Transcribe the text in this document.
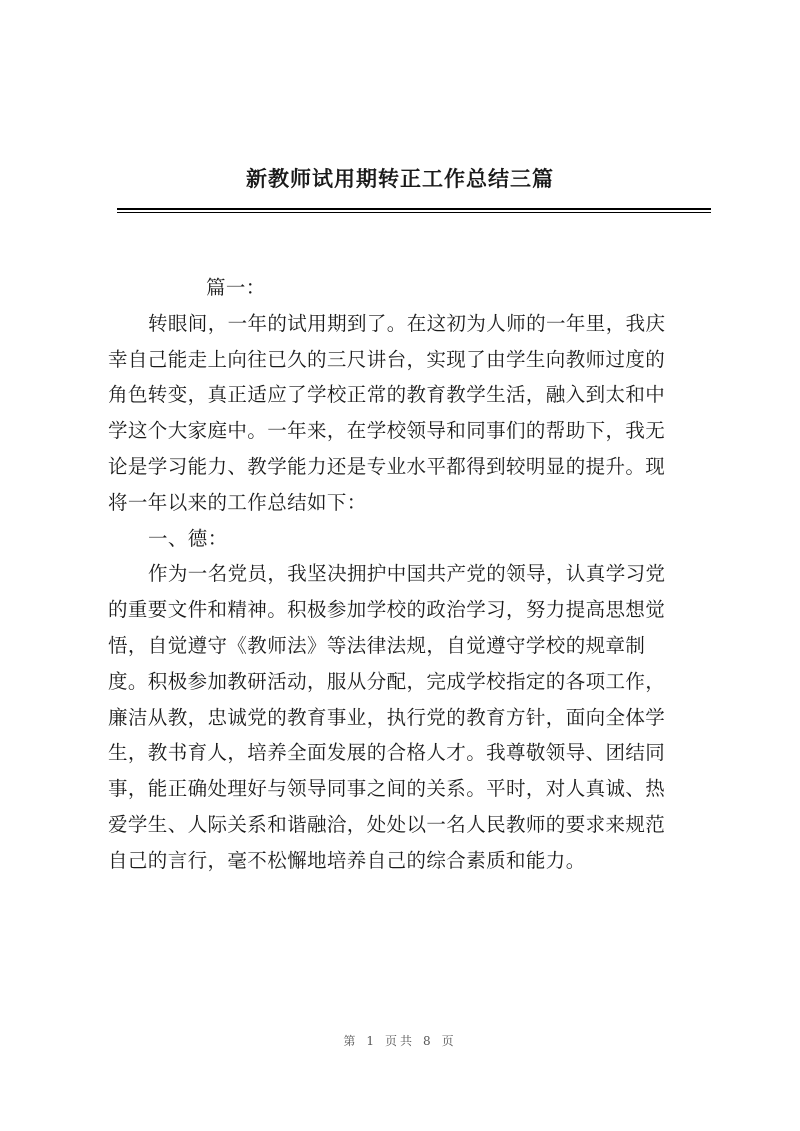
新教师试用期转正工作总结三篇
篇一：
转眼间，一年的试用期到了。在这初为人师的一年里，我庆
幸自己能走上向往已久的三尺讲台，实现了由学生向教师过度的
角色转变，真正适应了学校正常的教育教学生活，融入到太和中
学这个大家庭中。一年来，在学校领导和同事们的帮助下，我无
论是学习能力、教学能力还是专业水平都得到较明显的提升。现
将一年以来的工作总结如下：
一、德：
作为一名党员，我坚决拥护中国共产党的领导，认真学习党
的重要文件和精神。积极参加学校的政治学习，努力提高思想觉
悟，自觉遵守《教师法》等法律法规，自觉遵守学校的规章制
度。积极参加教研活动，服从分配，完成学校指定的各项工作，
廉洁从教，忠诚党的教育事业，执行党的教育方针，面向全体学
生，教书育人，培养全面发展的合格人才。我尊敬领导、团结同
事，能正确处理好与领导同事之间的关系。平时，对人真诚、热
爱学生、人际关系和谐融洽，处处以一名人民教师的要求来规范
自己的言行，毫不松懈地培养自己的综合素质和能力。
第 1 页共 8 页
